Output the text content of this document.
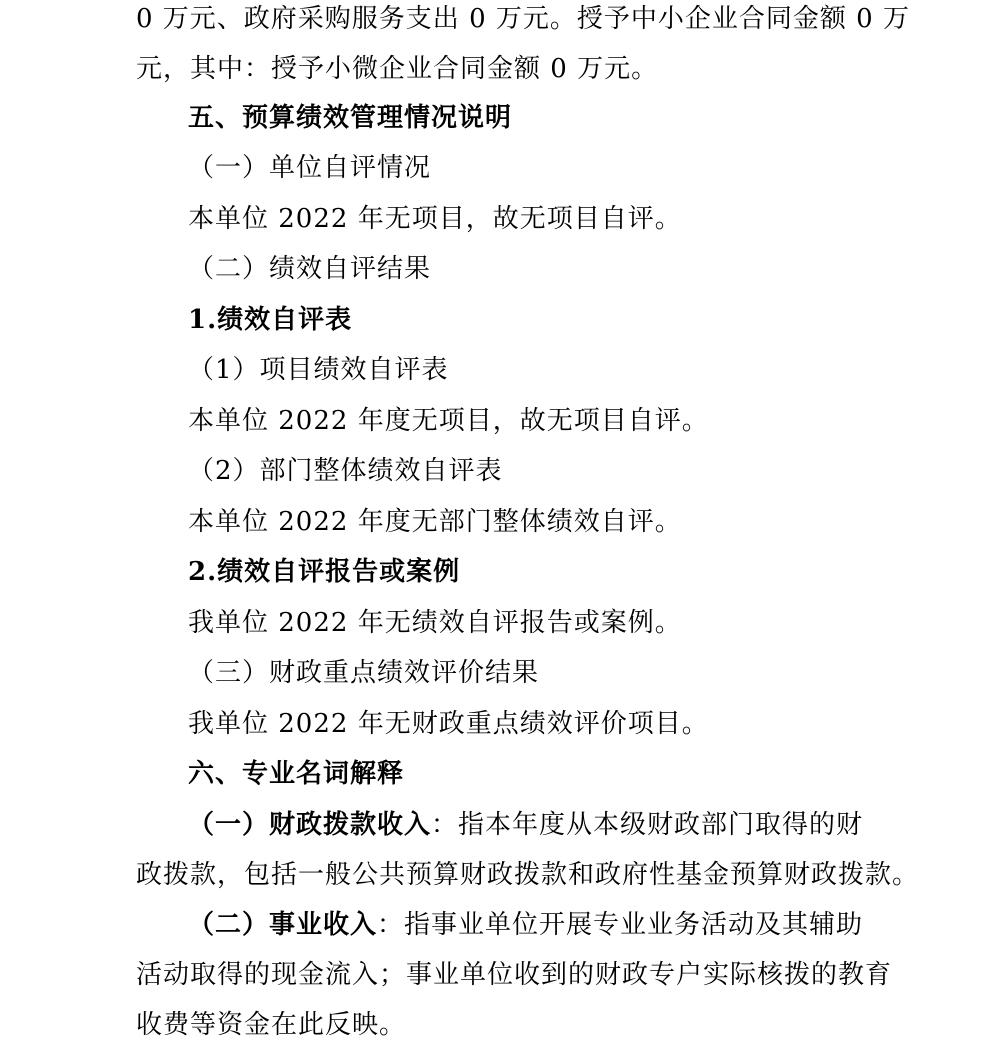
0 万元、政府采购服务支出 0 万元。授予中小企业合同金额 0 万
元，其中：授予小微企业合同金额 0 万元。
五、预算绩效管理情况说明
（一）单位自评情况
本单位 2022 年无项目，故无项目自评。
（二）绩效自评结果
1.绩效自评表
（1）项目绩效自评表
本单位 2022 年度无项目，故无项目自评。
（2）部门整体绩效自评表
本单位 2022 年度无部门整体绩效自评。
2.绩效自评报告或案例
我单位 2022 年无绩效自评报告或案例。
（三）财政重点绩效评价结果
我单位 2022 年无财政重点绩效评价项目。
六、专业名词解释
（一）财政拨款收入：指本年度从本级财政部门取得的财
政拨款，包括一般公共预算财政拨款和政府性基金预算财政拨款。
（二）事业收入：指事业单位开展专业业务活动及其辅助
活动取得的现金流入；事业单位收到的财政专户实际核拨的教育
收费等资金在此反映。
